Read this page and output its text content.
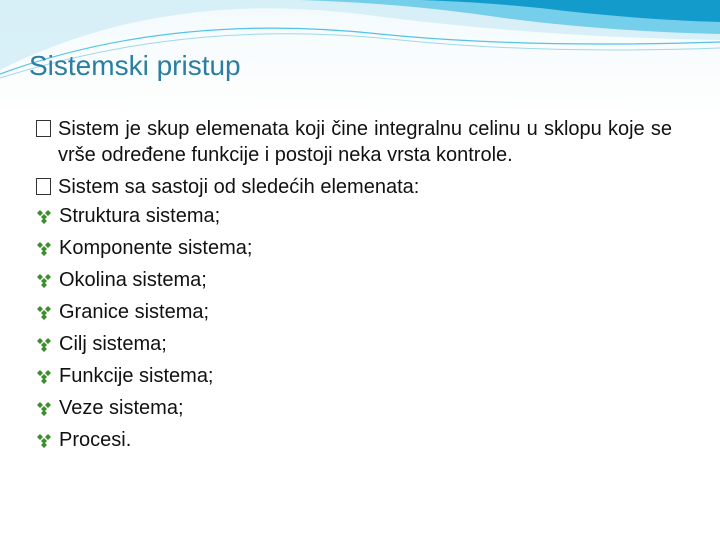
Sistemski pristup
Sistem je skup elemenata koji čine integralnu celinu u sklopu koje se vrše određene funkcije i postoji neka vrsta kontrole.
Sistem sa sastoji od sledećih elemenata:
Struktura sistema;
Komponente sistema;
Okolina sistema;
Granice sistema;
Cilj sistema;
Funkcije sistema;
Veze sistema;
Procesi.
